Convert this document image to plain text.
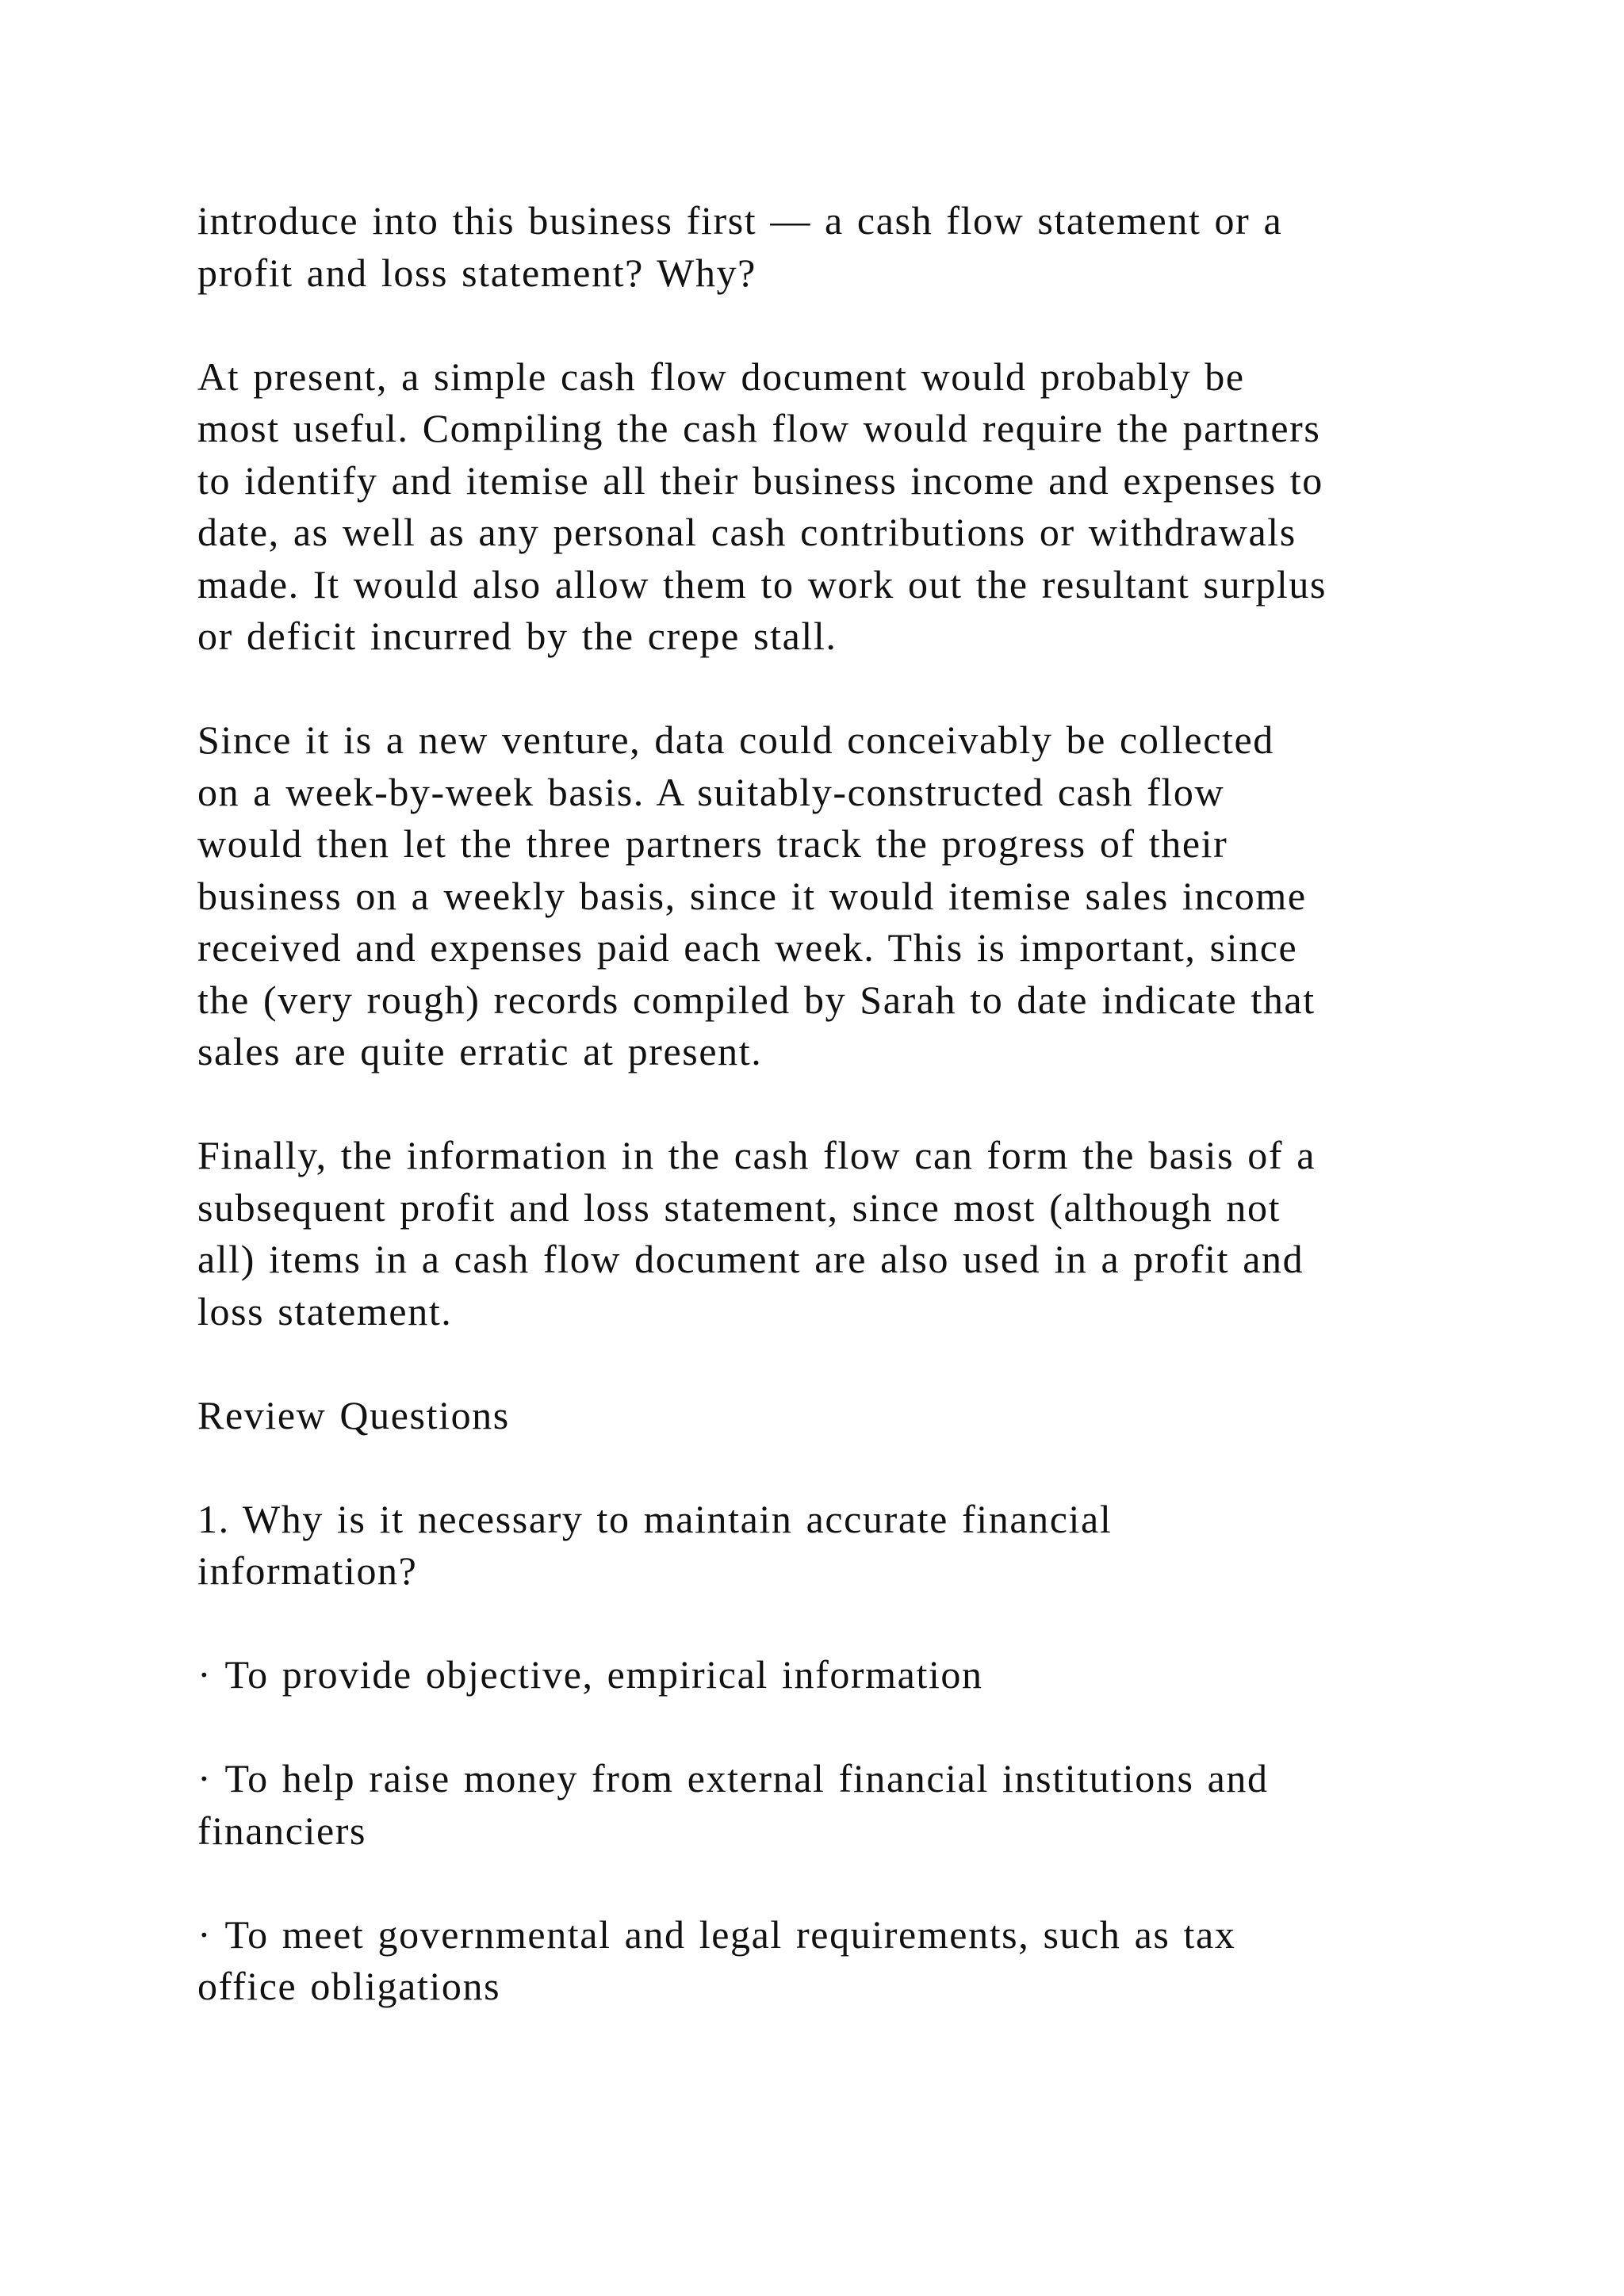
introduce into this business first — a cash flow statement or a
profit and loss statement? Why?

At present, a simple cash flow document would probably be
most useful. Compiling the cash flow would require the partners
to identify and itemise all their business income and expenses to
date, as well as any personal cash contributions or withdrawals
made. It would also allow them to work out the resultant surplus
or deficit incurred by the crepe stall.

Since it is a new venture, data could conceivably be collected
on a week-by-week basis. A suitably-constructed cash flow
would then let the three partners track the progress of their
business on a weekly basis, since it would itemise sales income
received and expenses paid each week. This is important, since
the (very rough) records compiled by Sarah to date indicate that
sales are quite erratic at present.

Finally, the information in the cash flow can form the basis of a
subsequent profit and loss statement, since most (although not
all) items in a cash flow document are also used in a profit and
loss statement.

Review Questions

1. Why is it necessary to maintain accurate financial
information?

· To provide objective, empirical information

· To help raise money from external financial institutions and
financiers

· To meet governmental and legal requirements, such as tax
office obligations
